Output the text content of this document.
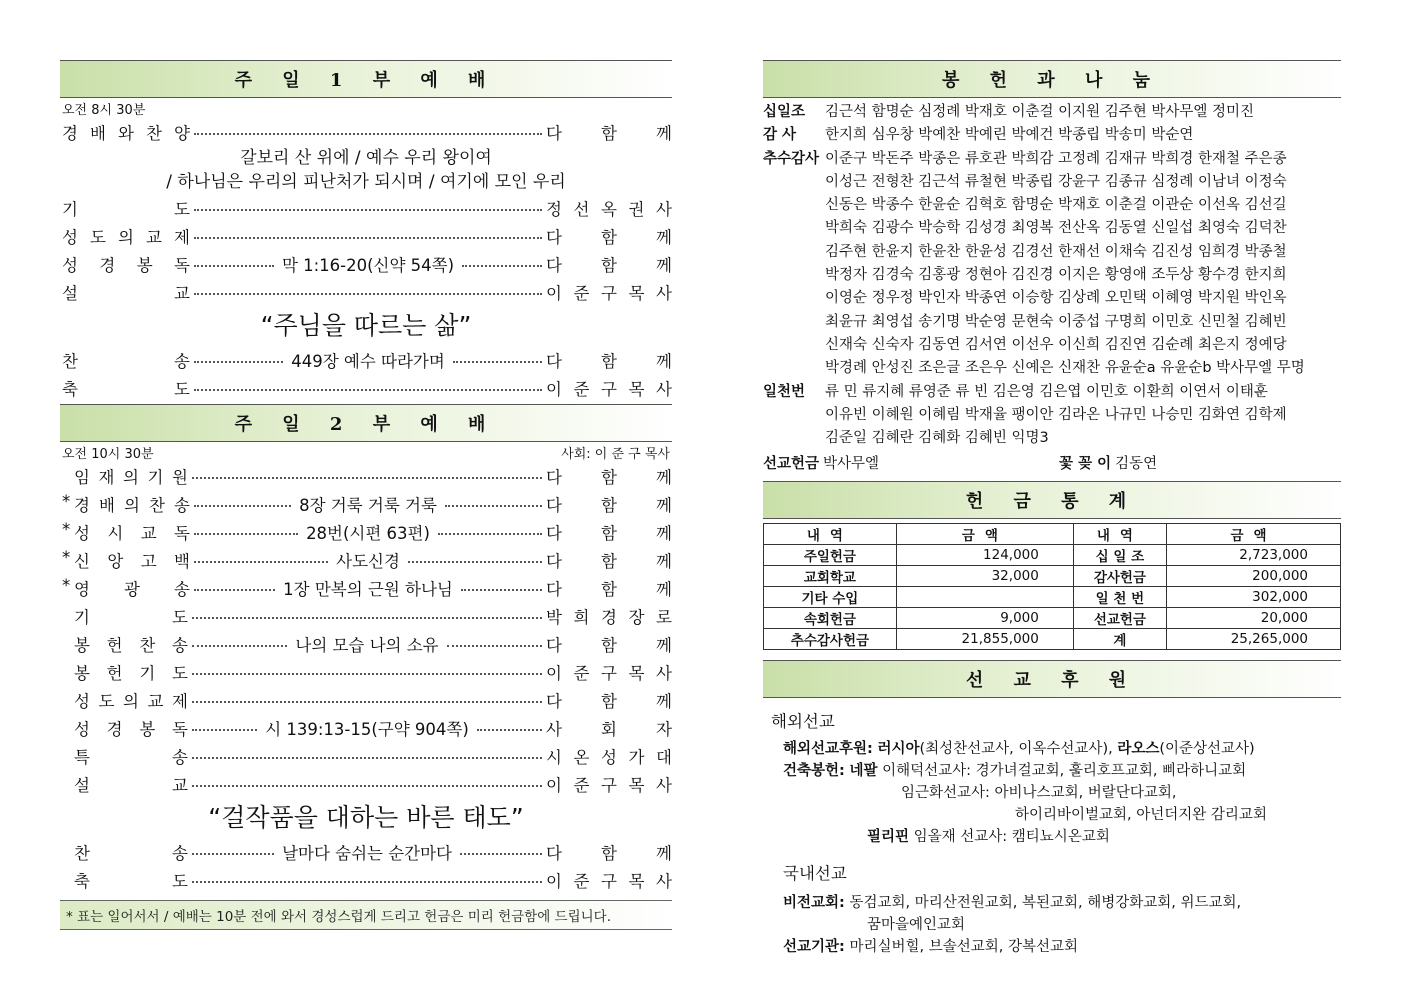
주 일 1 부 예 배
오전 8시 30분
경 배 와 찬 양	다 함 께
갈보리 산 위에 / 예수 우리 왕이여
/ 하나님은 우리의 피난처가 되시며 / 여기에 모인 우리
기	도	정 선 옥 권 사
성 도 의 교 제	다 함 께
성 경 봉 독	막 1:16-20(신약 54쪽)	다 함 께
설	교	이 준 구 목 사
“주님을 따르는 삶”
찬	송	449장 예수 따라가며	다 함 께
축	도	이 준 구 목 사
주 일 2 부 예 배
오전 10시 30분	사회: 이 준 구 목사
임 재 의 기 원	다 함 께
* 경 배 의 찬 송	8장 거룩 거룩 거룩	다 함 께
* 성 시 교 독	28번(시편 63편)	다 함 께
* 신 앙 고 백	사도신경	다 함 께
* 영 광 송	1장 만복의 근원 하나님	다 함 께
기	도	박 희 경 장 로
봉 헌 찬 송	나의 모습 나의 소유	다 함 께
봉 헌 기 도	이 준 구 목 사
성 도 의 교 제	다 함 께
성 경 봉 독	시 139:13-15(구약 904쪽)	사 회 자
특	송	시 온 성 가 대
설	교	이 준 구 목 사
“걸작품을 대하는 바른 태도”
찬	송	날마다 숨쉬는 순간마다	다 함 께
축	도	이 준 구 목 사
* 표는 일어서서 / 예배는 10분 전에 와서 경성스럽게 드리고 헌금은 미리 헌금함에 드립니다.
봉 헌 과 나 눔
십일조	김근석 함명순 심정례 박재호 이춘걸 이지원 김주현 박사무엘 정미진
감 사	한지희 심우창 박예찬 박예린 박예건 박종립 박송미 박순연
추수감사 이준구 박돈주 박종은 류호관 박희감 고정례 김재규 박희경 한재철 주은종
이성근 전형찬 김근석 류철현 박종립 강윤구 김종규 심정례 이남녀 이정숙
신동은 박종수 한윤순 김혁호 함명순 박재호 이춘걸 이관순 이선옥 김선길
박희숙 김광수 박승학 김성경 최영복 전산옥 김동열 신일섭 최영숙 김덕찬
김주현 한윤지 한윤찬 한윤성 김경선 한재선 이채숙 김진성 임희경 박종철
박정자 김경숙 김홍광 정현아 김진경 이지은 황영애 조두상 황수경 한지희
이영순 정우정 박인자 박종연 이승항 김상례 오민택 이혜영 박지원 박인옥
최윤규 최영섭 송기명 박순영 문현숙 이중섭 구명희 이민호 신민철 김혜빈
신재숙 신숙자 김동연 김서연 이선우 이신희 김진연 김순례 최은지 정예당
박경례 안성진 조은글 조은우 신예은 신재찬 유윤순a 유윤순b 박사무엘 무명
일천번	류 민 류지혜 류영준 류 빈 김은영 김은엽 이민호 이환희 이연서 이태훈
이유빈 이혜원 이혜림 박재율 팽이안 김라온 나규민 나승민 김화연 김학제
김준일 김혜란 김혜화 김혜빈 익명3
선교헌금 박사무엘	꽃 꽂 이 김동연
헌 금 통 계
내역	금액	내역	금액
주일헌금	124,000	십 일 조	2,723,000
교회학교	32,000	감사헌금	200,000
기타 수입		일 천 번	302,000
속회헌금	9,000	선교헌금	20,000
추수감사헌금	21,855,000	계	25,265,000
선 교 후 원
해외선교
해외선교후원: 러시아(최성찬선교사, 이옥수선교사), 라오스(이준상선교사)
건축봉헌: 네팔 이해덕선교사: 경가녀걸교회, 훌리호프교회, 삐라하니교회
임근화선교사: 아비나스교회, 버랄단다교회,
하이리바이벌교회, 아넌더지완 감리교회
필리핀 임올재 선교사: 캠티뇨시온교회
국내선교
비전교회: 동검교회, 마리산전원교회, 복된교회, 해병강화교회, 위드교회,
꿈마을예인교회
선교기관: 마리실버힐, 브솔선교회, 강복선교회
